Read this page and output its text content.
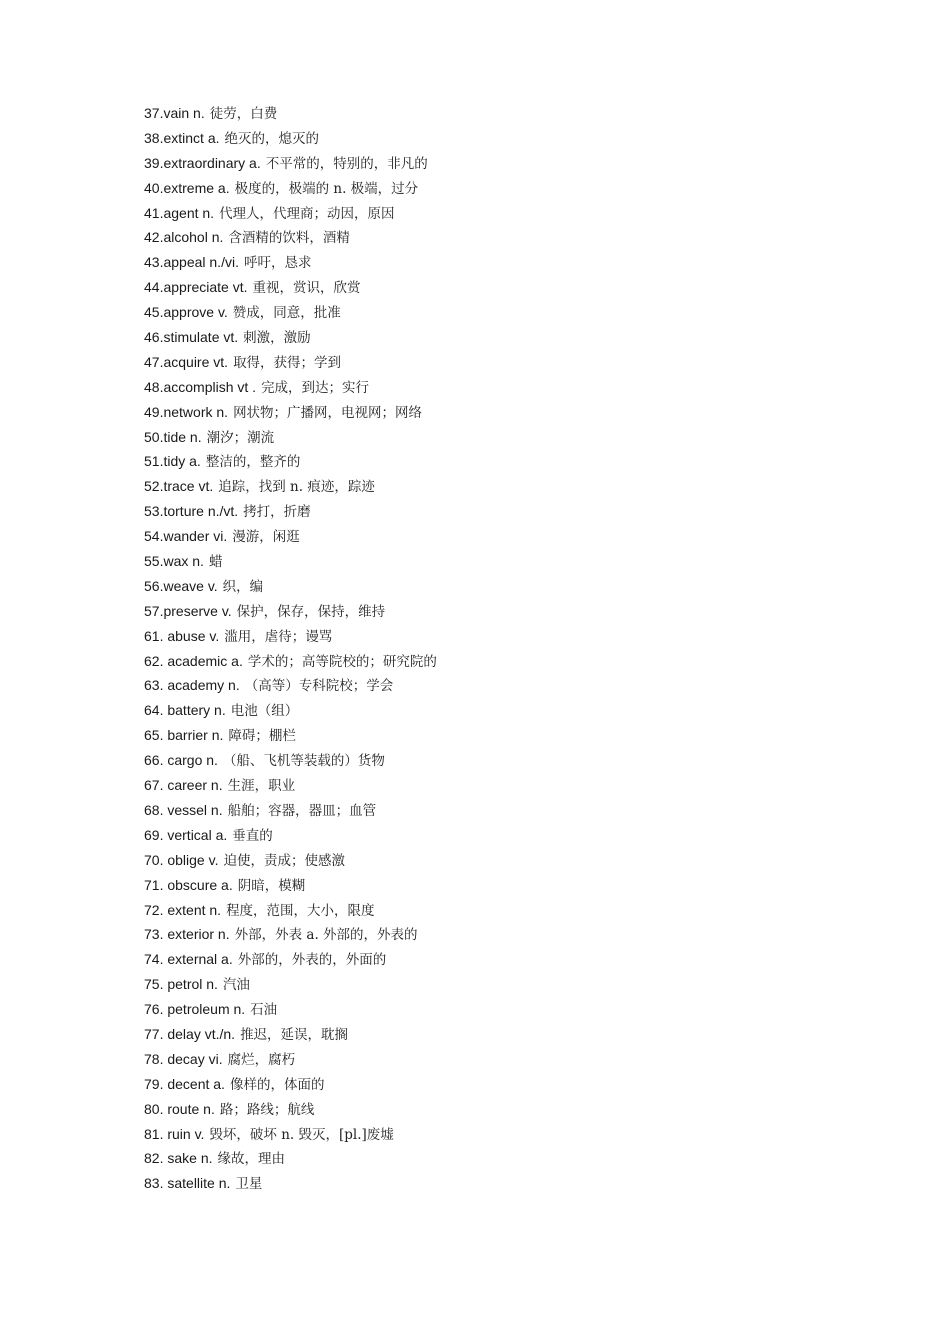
37.vain n. 徒劳，白费
38.extinct a. 绝灭的，熄灭的
39.extraordinary a. 不平常的，特别的，非凡的
40.extreme a. 极度的，极端的 n. 极端，过分
41.agent n. 代理人，代理商；动因，原因
42.alcohol n. 含酒精的饮料，酒精
43.appeal n./vi. 呼吁，恳求
44.appreciate vt. 重视，赏识，欣赏
45.approve v. 赞成，同意，批准
46.stimulate vt. 刺激，激励
47.acquire vt. 取得，获得；学到
48.accomplish vt . 完成，到达；实行
49.network n. 网状物；广播网，电视网；网络
50.tide n. 潮汐；潮流
51.tidy a. 整洁的，整齐的
52.trace vt. 追踪，找到 n. 痕迹，踪迹
53.torture n./vt. 拷打，折磨
54.wander vi. 漫游，闲逛
55.wax n. 蜡
56.weave v. 织，编
57.preserve v. 保护，保存，保持，维持
61. abuse v. 滥用，虐待；谩骂
62. academic a. 学术的；高等院校的；研究院的
63. academy n. （高等）专科院校；学会
64. battery n. 电池（组）
65. barrier n. 障碍；棚栏
66. cargo n. （船、飞机等装载的）货物
67. career n. 生涯，职业
68. vessel n. 船舶；容器，器皿；血管
69. vertical a. 垂直的
70. oblige v. 迫使，责成；使感激
71. obscure a. 阴暗，模糊
72. extent n. 程度，范围，大小，限度
73. exterior n. 外部，外表 a. 外部的，外表的
74. external a. 外部的，外表的，外面的
75. petrol n. 汽油
76. petroleum n. 石油
77. delay vt./n. 推迟，延误，耽搁
78. decay vi. 腐烂，腐朽
79. decent a. 像样的，体面的
80. route n. 路；路线；航线
81. ruin v. 毁坏，破坏 n. 毁灭，[pl.]废墟
82. sake n. 缘故，理由
83. satellite n. 卫星
